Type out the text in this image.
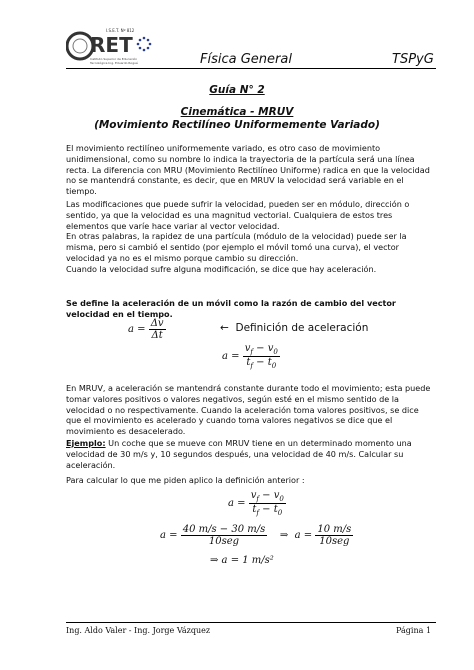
RET
I.S.E.T. Nº 812
Instituto Superior de Educación
Tecnológica Ing. Eduardo Rogué	Física General	TSPyG
Guía N° 2
Cinemática - MRUV
(Movimiento Rectilíneo Uniformemente Variado)
El movimiento rectilíneo uniformemente variado, es otro caso de movimiento unidimensional, como su nombre lo indica la trayectoria de la partícula será una línea recta. La diferencia con MRU (Movimiento Rectilíneo Uniforme) radica en que la velocidad no se mantendrá constante, es decir, que en MRUV la velocidad será variable en el tiempo.
Las modificaciones que puede sufrir la velocidad, pueden ser en módulo, dirección o sentido, ya que la velocidad es una magnitud vectorial. Cualquiera de estos tres elementos que varíe hace variar al vector velocidad.
En otras palabras, la rapidez de una partícula (módulo de la velocidad) puede ser la misma, pero si cambió el sentido (por ejemplo el móvil tomó una curva), el vector velocidad ya no es el mismo porque cambio su dirección.
Cuando la velocidad sufre alguna modificación, se dice que hay aceleración.
Se define la aceleración de un móvil como la razón de cambio del vector velocidad en el tiempo.
$a = \frac{\Delta v}{\Delta t}$	←  Definición de aceleración
$a = \frac{v_f - v_0}{t_f - t_0}$
En MRUV, a aceleración se mantendrá constante durante todo el movimiento; esta puede tomar valores positivos o valores negativos, según esté en el mismo sentido de la velocidad o no respectivamente. Cuando la aceleración toma valores positivos, se dice que el movimiento es acelerado y cuando toma valores negativos se dice que el movimiento es desacelerado.
Ejemplo: Un coche que se mueve con MRUV tiene en un determinado momento una velocidad de 30 m/s y, 10 segundos después, una velocidad de 40 m/s. Calcular su aceleración.
Para calcular lo que me piden aplico la definición anterior :
$a = \frac{v_f - v_0}{t_f - t_0}$
$a = \frac{40 m/s - 30 m/s}{\text{10seg}}$ ⇒  $a = \frac{10 m/s}{\text{10seg}}$
⇒ a = 1 m/s²
Ing. Aldo Valer - Ing. Jorge Vázquez	Página 1
